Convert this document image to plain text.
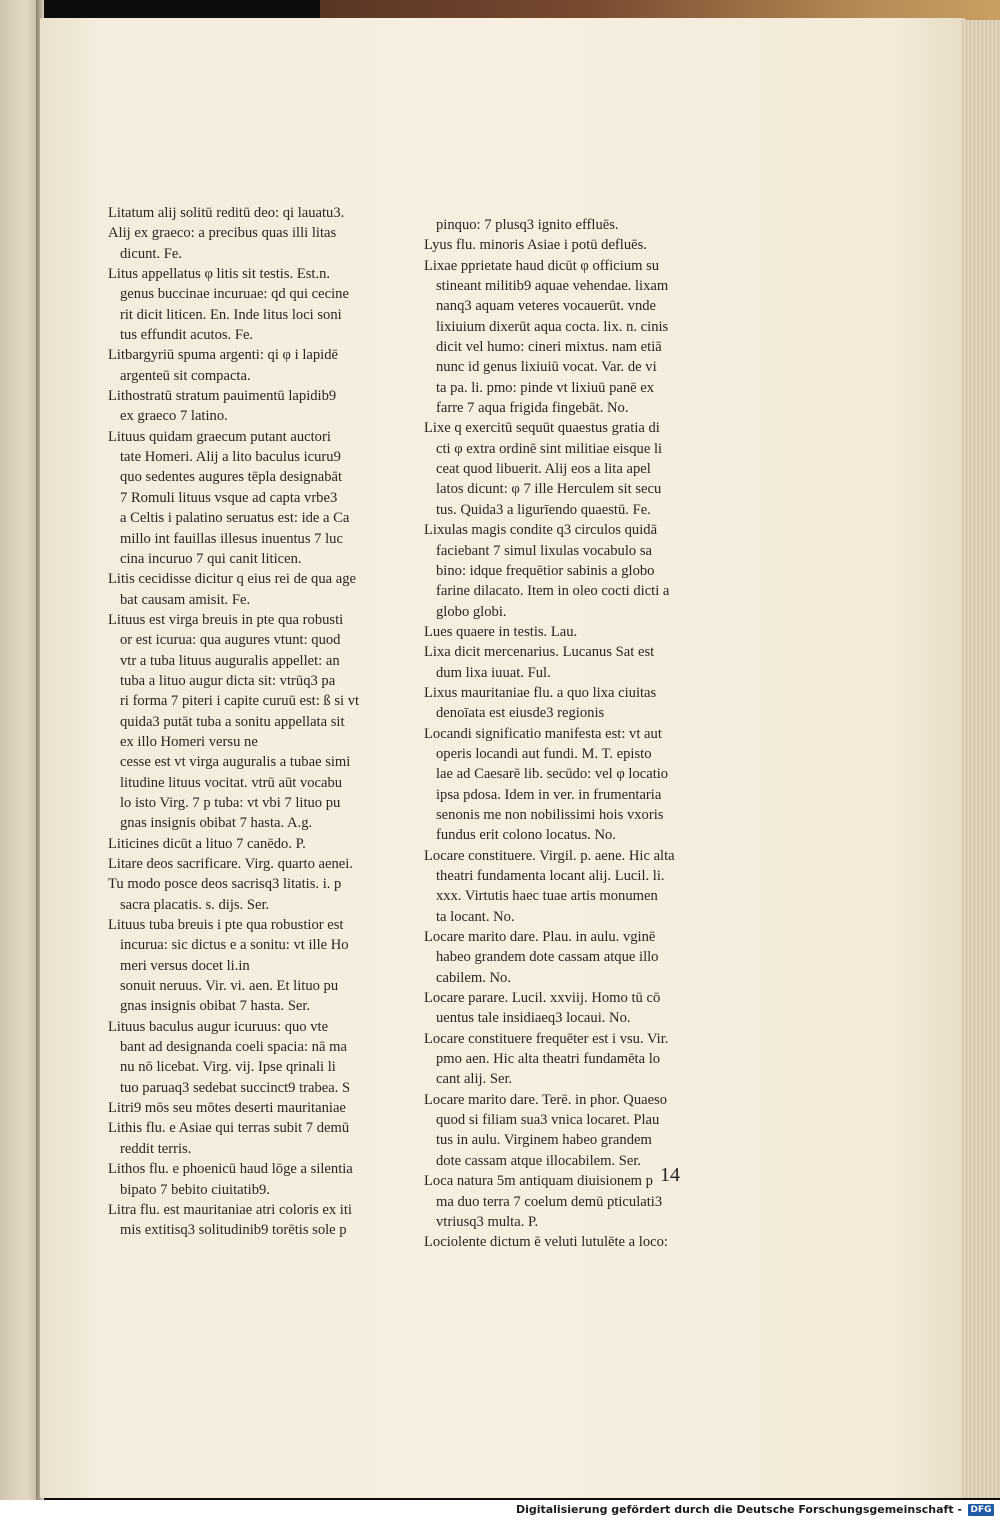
Litatum alij solitū reditū deo: qi lauatu3.
Alij ex graeco: a precibus quas illi litas
dicunt. Fe.
Litus appellatus φ litis sit testis. Est.n.
genus buccinae incuruae: qd qui cecine
rit dicit liticen. En. Inde litus loci soni
tus effundit acutos. Fe.
Litbargyriū spuma argenti: qi φ i lapidē
argenteū sit compacta.
Lithostratū stratum pauimentū lapidib9
ex graeco 7 latino.
Lituus quidam graecum putant auctori
tate Homeri. Alij a lito baculus icuru9
quo sedentes augures tēpla designabāt
7 Romuli lituus vsque ad capta vrbe3
a Celtis i palatino seruatus est: ide a Ca
millo int fauillas illesus inuentus 7 luc
cina incuruo 7 qui canit liticen.
Litis cecidisse dicitur q eius rei de qua age
bat causam amisit. Fe.
Lituus est virga breuis in pte qua robusti
or est icurua: qua augures vtunt: quod
vtr a tuba lituus auguralis appellet: an
tuba a lituo augur dicta sit: vtrūq3 pa
ri forma 7 piteri i capite curuū est: ß si vt
quida3 putāt tuba a sonitu appellata sit
ex illo Homeri versu ne
cesse est vt virga auguralis a tubae simi
litudine lituus vocitat. vtrū aūt vocabu
lo isto Virg. 7 p tuba: vt vbi 7 lituo pu
gnas insignis obibat 7 hasta. A.g.
Liticines dicūt a lituo 7 canēdo. P.
Litare deos sacrificare. Virg. quarto aenei.
Tu modo posce deos sacrisq3 litatis. i. p
sacra placatis. s. dijs. Ser.
Lituus tuba breuis i pte qua robustior est
incurua: sic dictus e a sonitu: vt ille Ho
meri versus docet li.in
sonuit neruus. Vir. vi. aen. Et lituo pu
gnas insignis obibat 7 hasta. Ser.
Lituus baculus augur icuruus: quo vte
bant ad designanda coeli spacia: nā ma
nu nō licebat. Virg. vij. Ipse qrinali li
tuo paruaq3 sedebat succinct9 trabea. S
Litri9 mōs seu mōtes deserti mauritaniae
Lithis flu. e Asiae qui terras subit 7 demū
reddit terris.
Lithos flu. e phoenicū haud lōge a silentia
bipato 7 bebito ciuitatib9.
Litra flu. est mauritaniae atri coloris ex iti
mis extitisq3 solitudinib9 torētis sole p
pinquo: 7 plusq3 ignito effluēs.
Lyus flu. minoris Asiae i potū defluēs.
Lixae pprietate haud dicūt φ officium su
stineant militib9 aquae vehendae. lixam
nanq3 aquam veteres vocauerūt. vnde
lixiuium dixerūt aqua cocta. lix. n. cinis
dicit vel humo: cineri mixtus. nam etiā
nunc id genus lixiuiū vocat. Var. de vi
ta pa. li. pmo: pinde vt lixiuū panē ex
farre 7 aqua frigida fingebāt. No.
Lixe q exercitū sequūt quaestus gratia di
cti φ extra ordinē sint militiae eisque li
ceat quod libuerit. Alij eos a lita apel
latos dicunt: φ 7 ille Herculem sit secu
tus. Quida3 a ligurīendo quaestū. Fe.
Lixulas magis condite q3 circulos quidā
faciebant 7 simul lixulas vocabulo sa
bino: idque frequētior sabinis a globo
farine dilacato. Item in oleo cocti dicti a
globo globi.
Lues quaere in testis. Lau.
Lixa dicit mercenarius. Lucanus Sat est
dum lixa iuuat. Ful.
Lixus mauritaniae flu. a quo lixa ciuitas
denoīata est eiusde3 regionis
Locandi significatio manifesta est: vt aut
operis locandi aut fundi. M. T. episto
lae ad Caesarē lib. secūdo: vel φ locatio
ipsa pdosa. Idem in ver. in frumentaria
senonis me non nobilissimi hois vxoris
fundus erit colono locatus. No.
Locare constituere. Virgil. p. aene. Hic alta
theatri fundamenta locant alij. Lucil. li.
xxx. Virtutis haec tuae artis monumen
ta locant. No.
Locare marito dare. Plau. in aulu. vginē
habeo grandem dote cassam atque illo
cabilem. No.
Locare parare. Lucil. xxviij. Homo tū cō
uentus tale insidiaeq3 locaui. No.
Locare constituere frequēter est i vsu. Vir.
pmo aen. Hic alta theatri fundamēta lo
cant alij. Ser.
Locare marito dare. Terē. in phor. Quaeso
quod si filiam sua3 vnica locaret. Plau
tus in aulu. Virginem habeo grandem
dote cassam atque illocabilem. Ser.
Loca natura 5m antiquam diuisionem p
ma duo terra 7 coelum demū pticulati3
vtriusq3 multa. P.
Lociolente dictum ē veluti lutulēte a loco:
14
Digitalisierung gefördert durch die Deutsche Forschungsgemeinschaft - DFG
